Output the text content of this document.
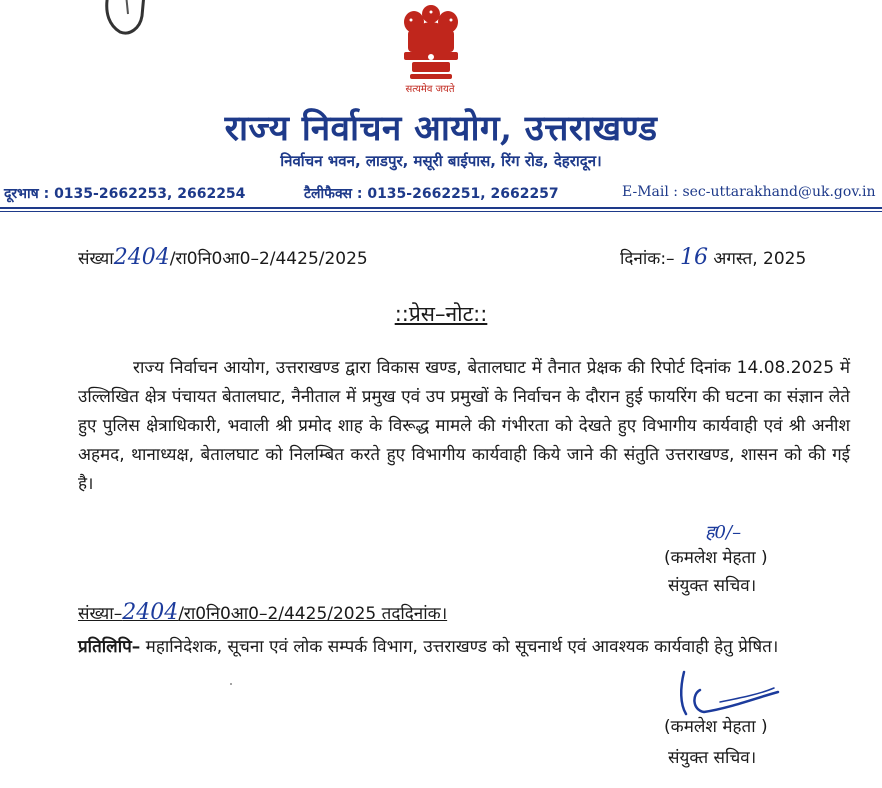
सत्यमेव जयते
राज्य निर्वाचन आयोग, उत्तराखण्ड
निर्वाचन भवन, लाडपुर, मसूरी बाईपास, रिंग रोड, देहरादून।
दूरभाष : 0135-2662253, 2662254	टैलीफैक्स : 0135-2662251, 2662257	E-Mail : sec-uttarakhand@uk.gov.in
संख्या2404/रा0नि0आ0–2/4425/2025	दिनांक:– 16 अगस्त, 2025
::प्रेस–नोट::
राज्य निर्वाचन आयोग, उत्तराखण्ड द्वारा विकास खण्ड, बेतालघाट में तैनात प्रेक्षक की रिपोर्ट दिनांक 14.08.2025 में उल्लिखित क्षेत्र पंचायत बेतालघाट, नैनीताल में प्रमुख एवं उप प्रमुखों के निर्वाचन के दौरान हुई फायरिंग की घटना का संज्ञान लेते हुए पुलिस क्षेत्राधिकारी, भवाली श्री प्रमोद शाह के विरूद्ध मामले की गंभीरता को देखते हुए विभागीय कार्यवाही एवं श्री अनीश अहमद, थानाध्यक्ष, बेतालघाट को निलम्बित करते हुए विभागीय कार्यवाही किये जाने की संतुति उत्तराखण्ड, शासन को की गई है।
ह0/–
(कमलेश मेहता )
संयुक्त सचिव।
संख्या–2404/रा0नि0आ0–2/4425/2025 तददिनांक।
प्रतिलिपि– महानिदेशक, सूचना एवं लोक सम्पर्क विभाग, उत्तराखण्ड को सूचनार्थ एवं आवश्यक कार्यवाही हेतु प्रेषित।
(कमलेश मेहता )
संयुक्त सचिव।
